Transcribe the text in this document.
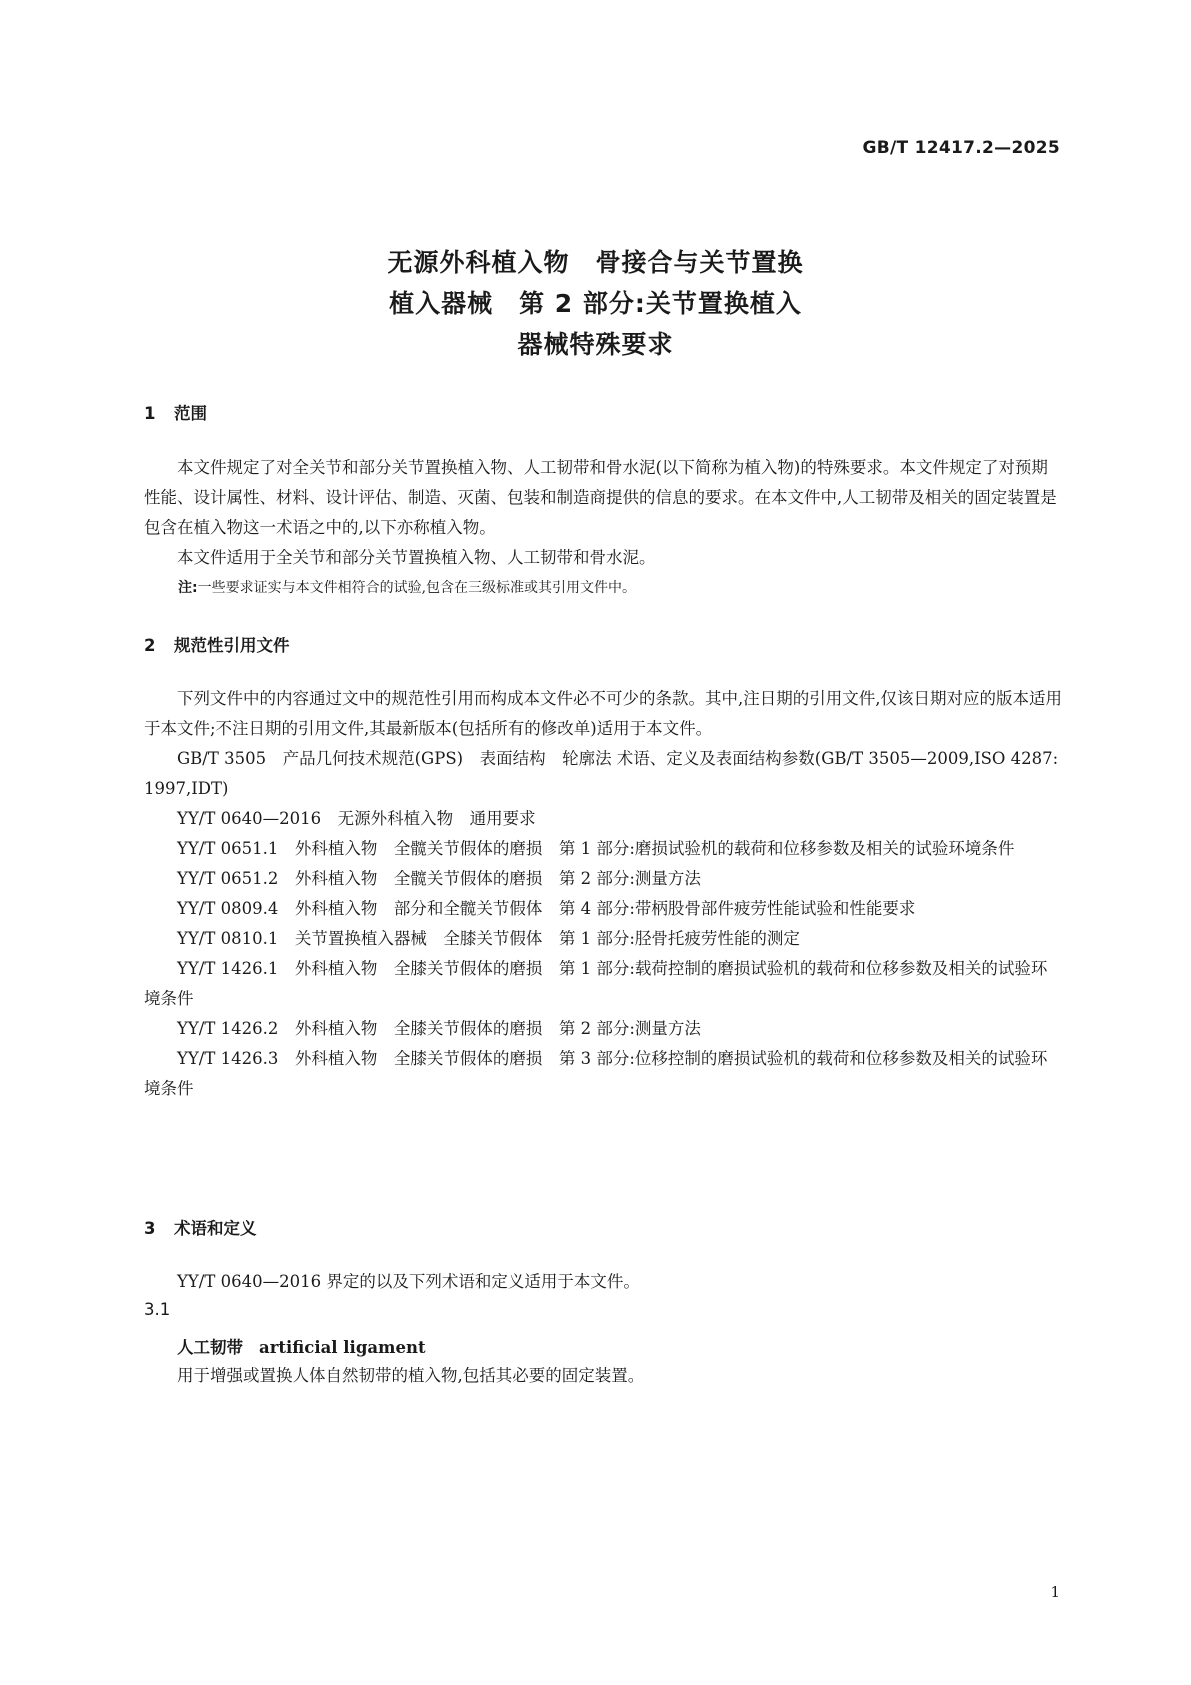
GB/T 12417.2—2025
无源外科植入物　骨接合与关节置换
植入器械　第 2 部分:关节置换植入
器械特殊要求
1 范围

本文件规定了对全关节和部分关节置换植入物、人工韧带和骨水泥(以下简称为植入物)的特殊要求。本文件规定了对预期性能、设计属性、材料、设计评估、制造、灭菌、包装和制造商提供的信息的要求。在本文件中,人工韧带及相关的固定装置是包含在植入物这一术语之中的,以下亦称植入物。

本文件适用于全关节和部分关节置换植入物、人工韧带和骨水泥。

注:一些要求证实与本文件相符合的试验,包含在三级标准或其引用文件中。

2 规范性引用文件

下列文件中的内容通过文中的规范性引用而构成本文件必不可少的条款。其中,注日期的引用文件,仅该日期对应的版本适用于本文件;不注日期的引用文件,其最新版本(包括所有的修改单)适用于本文件。

GB/T 3505　产品几何技术规范(GPS)　表面结构　轮廓法 术语、定义及表面结构参数(GB/T 3505—2009,ISO 4287:1997,IDT)

YY/T 0640—2016　无源外科植入物　通用要求

YY/T 0651.1　外科植入物　全髋关节假体的磨损　第 1 部分:磨损试验机的载荷和位移参数及相关的试验环境条件

YY/T 0651.2　外科植入物　全髋关节假体的磨损　第 2 部分:测量方法

YY/T 0809.4　外科植入物　部分和全髋关节假体　第 4 部分:带柄股骨部件疲劳性能试验和性能要求

YY/T 0810.1　关节置换植入器械　全膝关节假体　第 1 部分:胫骨托疲劳性能的测定

YY/T 1426.1　外科植入物　全膝关节假体的磨损　第 1 部分:载荷控制的磨损试验机的载荷和位移参数及相关的试验环境条件

YY/T 1426.2　外科植入物　全膝关节假体的磨损　第 2 部分:测量方法

YY/T 1426.3　外科植入物　全膝关节假体的磨损　第 3 部分:位移控制的磨损试验机的载荷和位移参数及相关的试验环境条件

3 术语和定义

YY/T 0640—2016 界定的以及下列术语和定义适用于本文件。

3.1
人工韧带 artificial ligament
用于增强或置换人体自然韧带的植入物,包括其必要的固定装置。
1
